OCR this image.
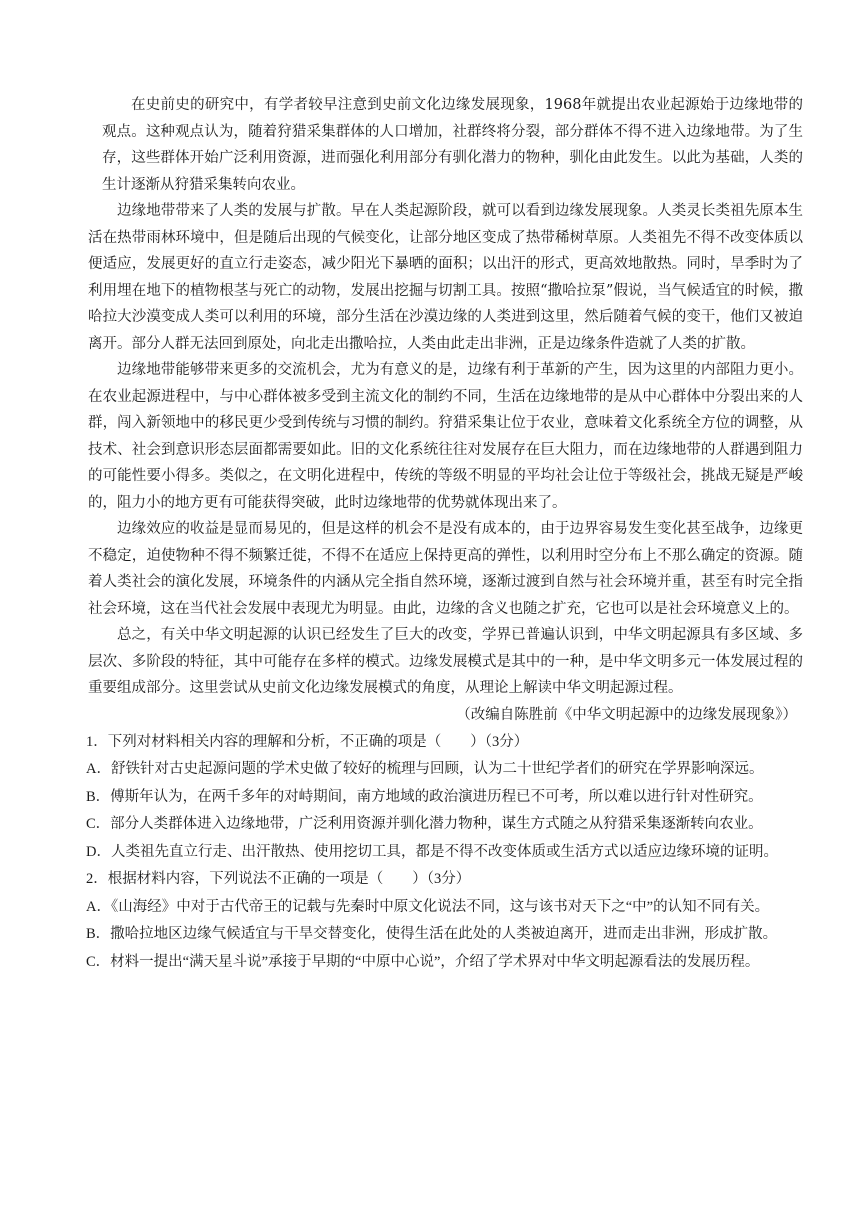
在史前史的研究中，有学者较早注意到史前文化边缘发展现象，1968年就提出农业起源始于边缘地带的观点。这种观点认为，随着狩猎采集群体的人口增加，社群终将分裂，部分群体不得不进入边缘地带。为了生存，这些群体开始广泛利用资源，进而强化利用部分有驯化潜力的物种，驯化由此发生。以此为基础，人类的生计逐渐从狩猎采集转向农业。

边缘地带带来了人类的发展与扩散。早在人类起源阶段，就可以看到边缘发展现象。人类灵长类祖先原本生活在热带雨林环境中，但是随后出现的气候变化，让部分地区变成了热带稀树草原。人类祖先不得不改变体质以便适应，发展更好的直立行走姿态，减少阳光下暴晒的面积；以出汗的形式，更高效地散热。同时，旱季时为了利用埋在地下的植物根茎与死亡的动物，发展出挖掘与切割工具。按照“撒哈拉泵”假说，当气候适宜的时候，撒哈拉大沙漠变成人类可以利用的环境，部分生活在沙漠边缘的人类进到这里，然后随着气候的变干，他们又被迫离开。部分人群无法回到原处，向北走出撒哈拉，人类由此走出非洲，正是边缘条件造就了人类的扩散。

边缘地带能够带来更多的交流机会，尤为有意义的是，边缘有利于革新的产生，因为这里的内部阻力更小。在农业起源进程中，与中心群体被多受到主流文化的制约不同，生活在边缘地带的是从中心群体中分裂出来的人群，闯入新领地中的移民更少受到传统与习惯的制约。狩猎采集让位于农业，意味着文化系统全方位的调整，从技术、社会到意识形态层面都需要如此。旧的文化系统往往对发展存在巨大阻力，而在边缘地带的人群遇到阻力的可能性要小得多。类似之，在文明化进程中，传统的等级不明显的平均社会让位于等级社会，挑战无疑是严峻的，阻力小的地方更有可能获得突破，此时边缘地带的优势就体现出来了。

边缘效应的收益是显而易见的，但是这样的机会不是没有成本的，由于边界容易发生变化甚至战争，边缘更不稳定，迫使物种不得不频繁迁徙，不得不在适应上保持更高的弹性，以利用时空分布上不那么确定的资源。随着人类社会的演化发展，环境条件的内涵从完全指自然环境，逐渐过渡到自然与社会环境并重，甚至有时完全指社会环境，这在当代社会发展中表现尤为明显。由此，边缘的含义也随之扩充，它也可以是社会环境意义上的。

总之，有关中华文明起源的认识已经发生了巨大的改变，学界已普遍认识到，中华文明起源具有多区域、多层次、多阶段的特征，其中可能存在多样的模式。边缘发展模式是其中的一种，是中华文明多元一体发展过程的重要组成部分。这里尝试从史前文化边缘发展模式的角度，从理论上解读中华文明起源过程。

（改编自陈胜前《中华文明起源中的边缘发展现象》）

1．下列对材料相关内容的理解和分析，不正确的项是（　　）（3分）

A．舒铁针对古史起源问题的学术史做了较好的梳理与回顾，认为二十世纪学者们的研究在学界影响深远。

B．傅斯年认为，在两千多年的对峙期间，南方地域的政治演进历程已不可考，所以难以进行针对性研究。

C．部分人类群体进入边缘地带，广泛利用资源并驯化潜力物种，谋生方式随之从狩猎采集逐渐转向农业。

D．人类祖先直立行走、出汗散热、使用挖切工具，都是不得不改变体质或生活方式以适应边缘环境的证明。

2．根据材料内容，下列说法不正确的一项是（　　）（3分）

A．《山海经》中对于古代帝王的记载与先秦时中原文化说法不同，这与该书对天下之“中”的认知不同有关。

B．撒哈拉地区边缘气候适宜与干旱交替变化，使得生活在此处的人类被迫离开，进而走出非洲，形成扩散。

C．材料一提出“满天星斗说”承接于早期的“中原中心说”，介绍了学术界对中华文明起源看法的发展历程。
